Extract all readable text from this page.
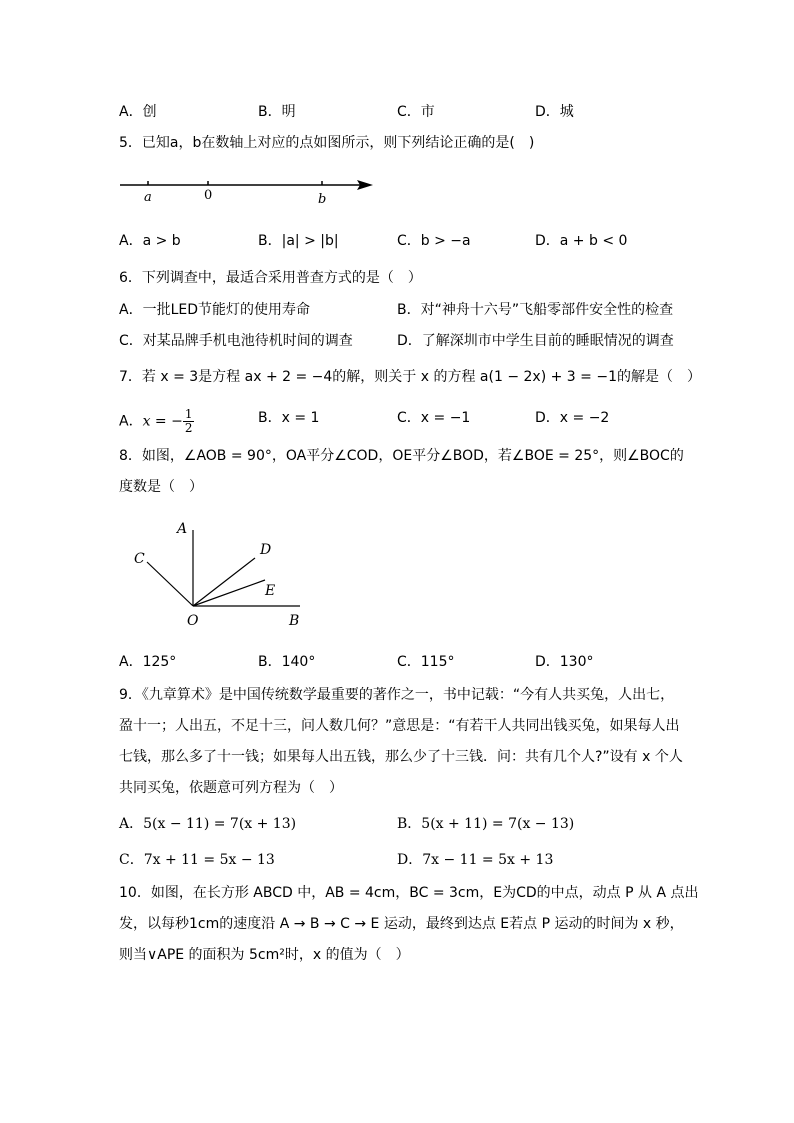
A．创	B．明	C．市	D．城
5．已知a，b在数轴上对应的点如图所示，则下列结论正确的是(　)
a	0	b
A．a > b	B．|a| > |b|	C．b > −a	D．a + b < 0
6．下列调查中，最适合采用普查方式的是（　）
A．一批LED节能灯的使用寿命	B．对“神舟十六号”飞船零部件安全性的检查
C．对某品牌手机电池待机时间的调查	D．了解深圳市中学生目前的睡眠情况的调查
7．若 x = 3是方程 ax + 2 = −4的解，则关于 x 的方程 a(1 − 2x) + 3 = −1的解是（　）
A．x = − $\frac{1}{2}$	B．x = 1	C．x = −1	D．x = −2
8．如图，∠AOB = 90°，OA平分∠COD，OE平分∠BOD，若∠BOE = 25°，则∠BOC的
度数是（　）
A
C
D
E
O	B
A．125°	B．140°	C．115°	D．130°
9．《九章算术》是中国传统数学最重要的著作之一，书中记载：“今有人共买兔，人出七，
盈十一；人出五，不足十三，问人数几何？”意思是：“有若干人共同出钱买兔，如果每人出
七钱，那么多了十一钱；如果每人出五钱，那么少了十三钱．问：共有几个人?”设有 x 个人
共同买兔，依题意可列方程为（　）
A．5(x − 11) = 7(x + 13)	B．5(x + 11) = 7(x − 13)
C．7x + 11 = 5x − 13	D．7x − 11 = 5x + 13
10．如图，在长方形 ABCD 中，AB = 4cm，BC = 3cm，E为CD的中点，动点 P 从 A 点出
发，以每秒1cm的速度沿 A → B → C → E 运动，最终到达点 E若点 P 运动的时间为 x 秒，
则当∨APE 的面积为 5cm²时，x 的值为（　）
